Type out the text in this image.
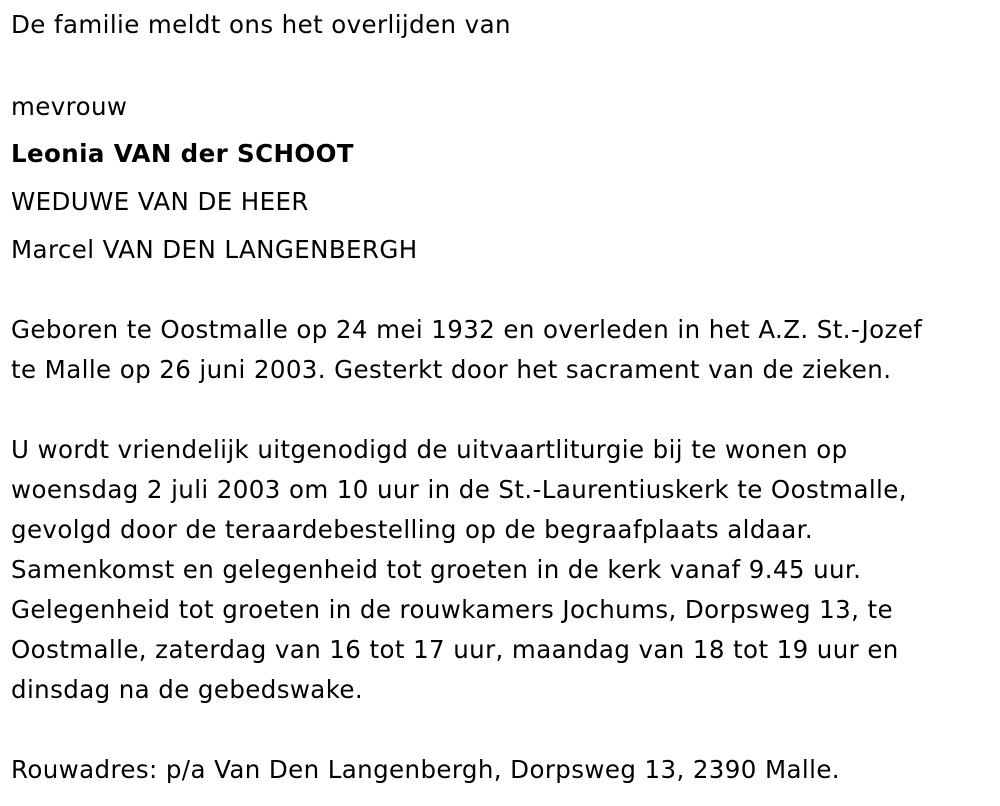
De familie meldt ons het overlijden van
mevrouw
Leonia VAN der SCHOOT
WEDUWE VAN DE HEER
Marcel VAN DEN LANGENBERGH
Geboren te Oostmalle op 24 mei 1932 en overleden in het A.Z. St.-Jozef
te Malle op 26 juni 2003. Gesterkt door het sacrament van de zieken.
U wordt vriendelijk uitgenodigd de uitvaartliturgie bij te wonen op
woensdag 2 juli 2003 om 10 uur in de St.-Laurentiuskerk te Oostmalle,
gevolgd door de teraardebestelling op de begraafplaats aldaar.
Samenkomst en gelegenheid tot groeten in de kerk vanaf 9.45 uur.
Gelegenheid tot groeten in de rouwkamers Jochums, Dorpsweg 13, te
Oostmalle, zaterdag van 16 tot 17 uur, maandag van 18 tot 19 uur en
dinsdag na de gebedswake.
Rouwadres: p/a Van Den Langenbergh, Dorpsweg 13, 2390 Malle.
